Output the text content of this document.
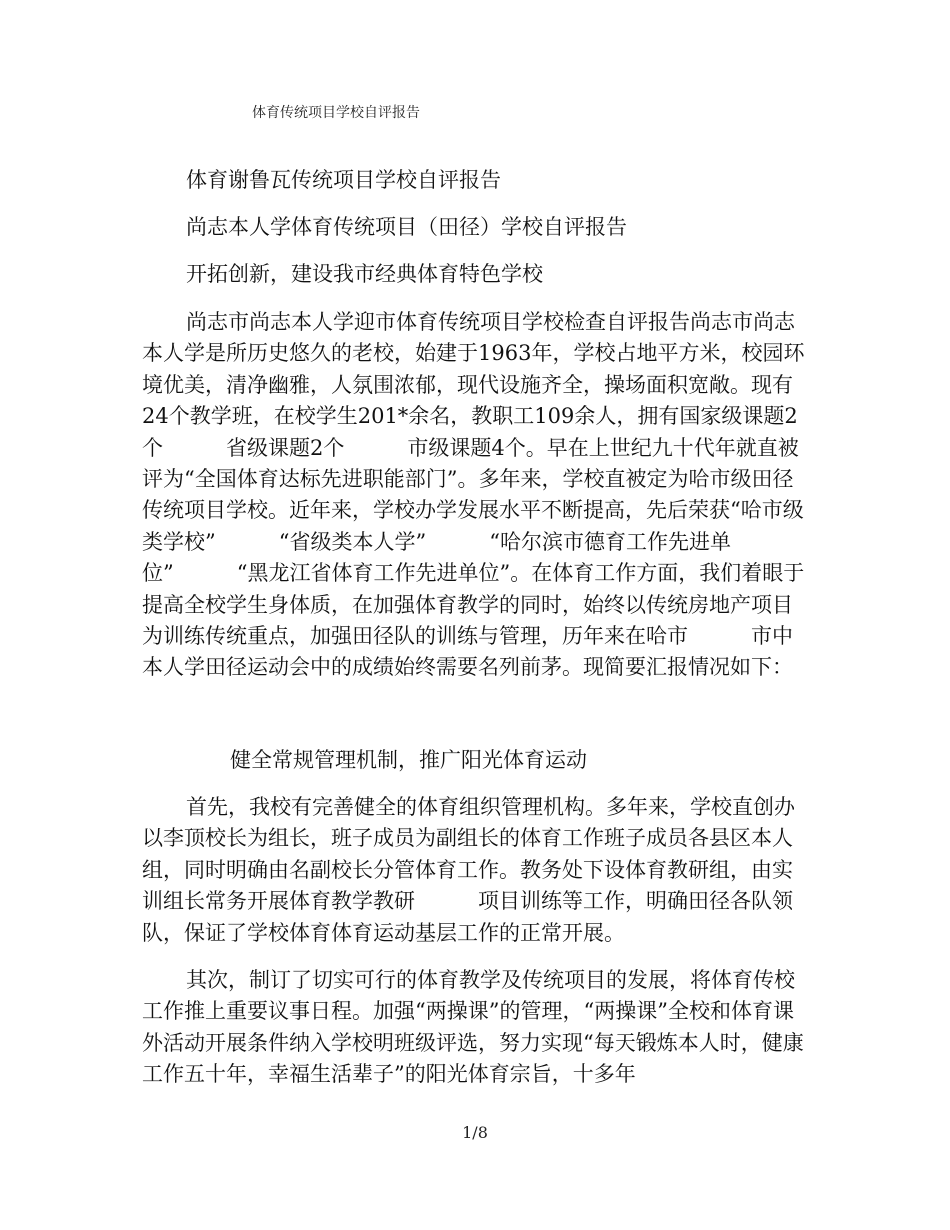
体育传统项目学校自评报告
体育谢鲁瓦传统项目学校自评报告
尚志本人学体育传统项目（田径）学校自评报告
开拓创新，建设我市经典体育特色学校
尚志市尚志本人学迎市体育传统项目学校检查自评报告尚志市尚志本人学是所历史悠久的老校，始建于1963年，学校占地平方米，校园环境优美，清净幽雅，人氛围浓郁，现代设施齐全，操场面积宽敞。现有24个教学班，在校学生201*余名，教职工109余人，拥有国家级课题2个　　　省级课题2个　　　市级课题4个。早在上世纪九十代年就直被评为“全国体育达标先进职能部门”。多年来，学校直被定为哈市级田径传统项目学校。近年来，学校办学发展水平不断提高，先后荣获“哈市级类学校”　　　“省级类本人学”　　　“哈尔滨市德育工作先进单位”　　　“黑龙江省体育工作先进单位”。在体育工作方面，我们着眼于提高全校学生身体质，在加强体育教学的同时，始终以传统房地产项目为训练传统重点，加强田径队的训练与管理，历年来在哈市　　　市中本人学田径运动会中的成绩始终需要名列前茅。现简要汇报情况如下：
健全常规管理机制，推广阳光体育运动
首先，我校有完善健全的体育组织管理机构。多年来，学校直创办以李顶校长为组长，班子成员为副组长的体育工作班子成员各县区本人组，同时明确由名副校长分管体育工作。教务处下设体育教研组，由实训组长常务开展体育教学教研　　　项目训练等工作，明确田径各队领队，保证了学校体育体育运动基层工作的正常开展。
其次，制订了切实可行的体育教学及传统项目的发展，将体育传校工作推上重要议事日程。加强“两操课”的管理，“两操课”全校和体育课外活动开展条件纳入学校明班级评选，努力实现“每天锻炼本人时，健康工作五十年，幸福生活辈子”的阳光体育宗旨，十多年
1/8
